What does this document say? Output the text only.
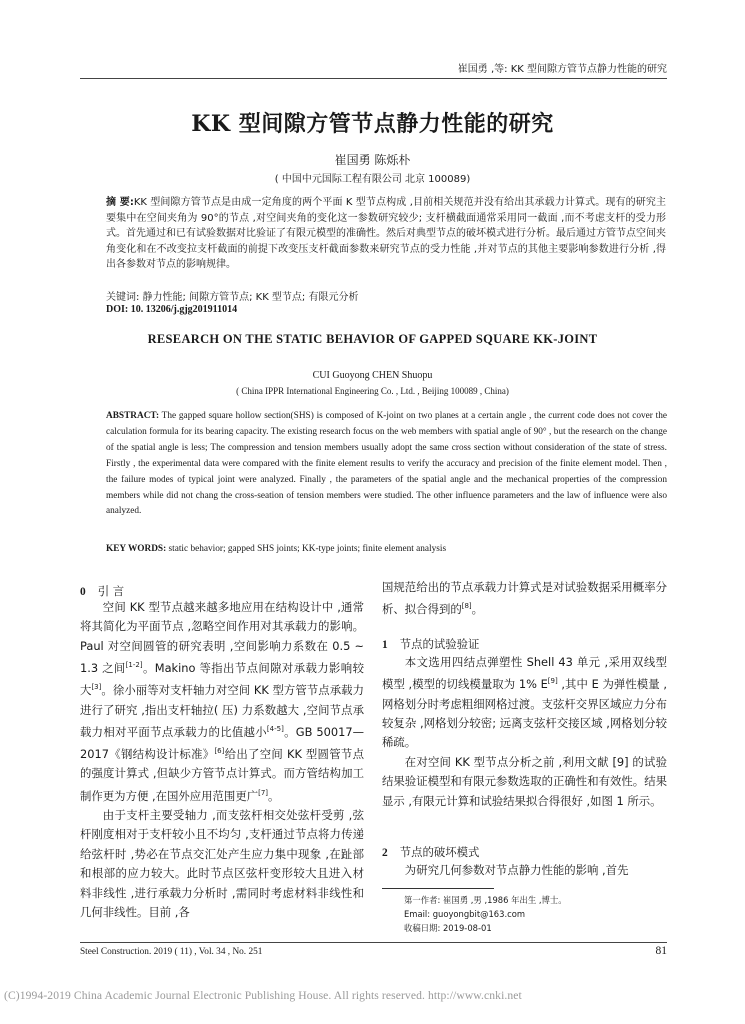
崔国勇 ,等: KK 型间隙方管节点静力性能的研究
KK 型间隙方管节点静力性能的研究
崔国勇 陈烁朴
( 中国中元国际工程有限公司 北京 100089)
摘 要:KK 型间隙方管节点是由成一定角度的两个平面 K 型节点构成 ,目前相关规范并没有给出其承载力计算式。现有的研究主要集中在空间夹角为 90°的节点 ,对空间夹角的变化这一参数研究较少; 支杆横截面通常采用同一截面 ,而不考虑支杆的受力形式。首先通过和已有试验数据对比验证了有限元模型的准确性。然后对典型节点的破坏模式进行分析。最后通过方管节点空间夹角变化和在不改变拉支杆截面的前提下改变压支杆截面参数来研究节点的受力性能 ,并对节点的其他主要影响参数进行分析 ,得出各参数对节点的影响规律。
关键词: 静力性能; 间隙方管节点; KK 型节点; 有限元分析
DOI: 10. 13206/j.gjg201911014
RESEARCH ON THE STATIC BEHAVIOR OF GAPPED SQUARE KK-JOINT
CUI Guoyong CHEN Shuopu
( China IPPR International Engineering Co. , Ltd. , Beijing 100089 , China)
ABSTRACT: The gapped square hollow section(SHS) is composed of K-joint on two planes at a certain angle , the current code does not cover the calculation formula for its bearing capacity. The existing research focus on the web members with spatial angle of 90° , but the research on the change of the spatial angle is less; The compression and tension members usually adopt the same cross section without consideration of the state of stress. Firstly , the experimental data were compared with the finite element results to verify the accuracy and precision of the finite element model. Then , the failure modes of typical joint were analyzed. Finally , the parameters of the spatial angle and the mechanical properties of the compression members while did not chang the cross-seation of tension members were studied. The other influence parameters and the law of influence were also analyzed.
KEY WORDS: static behavior; gapped SHS joints; KK-type joints; finite element analysis
0 引 言

空间 KK 型节点越来越多地应用在结构设计中 ,通常将其简化为平面节点 ,忽略空间作用对其承载力的影响。Paul 对空间圆管的研究表明 ,空间影响力系数在 0.5 ~ 1.3 之间[1-2]。Makino 等指出节点间隙对承载力影响较大[3]。徐小丽等对支杆轴力对空间 KK 型方管节点承载力进行了研究 ,指出支杆轴拉( 压) 力系数越大 ,空间节点承载力相对平面节点承载力的比值越小[4-5]。GB 50017—2017《钢结构设计标准》[6]给出了空间 KK 型圆管节点的强度计算式 ,但缺少方管节点计算式。而方管结构加工制作更为方便 ,在国外应用范围更广[7]。

由于支杆主要受轴力 ,而支弦杆相交处弦杆受剪 ,弦杆刚度相对于支杆较小且不均匀 ,支杆通过节点将力传递给弦杆时 ,势必在节点交汇处产生应力集中现象 ,在趾部和根部的应力较大。此时节点区弦杆变形较大且进入材料非线性 ,进行承载力分析时 ,需同时考虑材料非线性和几何非线性。目前 ,各

国规范给出的节点承载力计算式是对试验数据采用概率分析、拟合得到的[8]。

1 节点的试验验证

本文选用四结点弹塑性 Shell 43 单元 ,采用双线型模型 ,模型的切线模量取为 1% E[9] ,其中 E 为弹性模量 ,网格划分时考虑粗细网格过渡。支弦杆交界区域应力分布较复杂 ,网格划分较密; 远离支弦杆交接区域 ,网格划分较稀疏。

在对空间 KK 型节点分析之前 ,利用文献 [9] 的试验结果验证模型和有限元参数选取的正确性和有效性。结果显示 ,有限元计算和试验结果拟合得很好 ,如图 1 所示。

2 节点的破坏模式

为研究几何参数对节点静力性能的影响 ,首先

第一作者: 崔国勇 ,男 ,1986 年出生 ,博士。
Email: guoyongbit@163.com
收稿日期: 2019-08-01
Steel Construction. 2019 ( 11) , Vol. 34 , No. 251	81
(C)1994-2019 China Academic Journal Electronic Publishing House. All rights reserved. http://www.cnki.net
